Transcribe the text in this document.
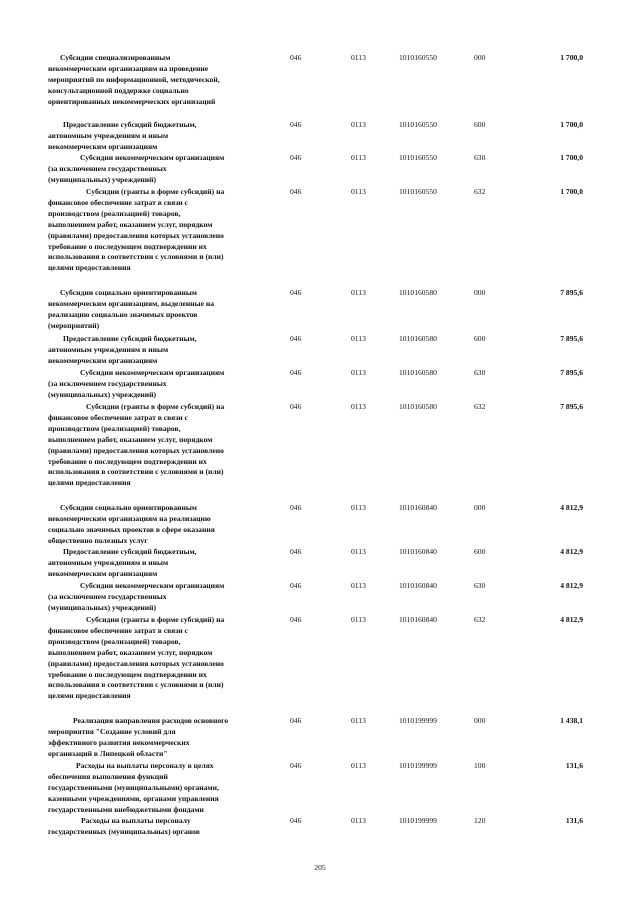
Субсидии специализированным
некоммерческим организациям на проведение
мероприятий по информационной, методической,
консультационной поддержке социально
ориентированных некоммерческих организаций
046	0113	1010160550	000	1 700,0
Предоставление субсидий бюджетным,
автономным учреждениям и иным
некоммерческим организациям
046	0113	1010160550	600	1 700,0
Субсидии некоммерческим организациям
(за исключением государственных
(муниципальных) учреждений)
046	0113	1010160550	630	1 700,0
Субсидии (гранты в форме субсидий) на
финансовое обеспечение затрат в связи с
производством (реализацией) товаров,
выполнением работ, оказанием услуг, порядком
(правилами) предоставления которых установлено
требование о последующем подтверждении их
использования в соответствии с условиями и (или)
целями предоставления
046	0113	1010160550	632	1 700,0
Субсидии социально ориентированным
некоммерческим организациям, выделенные на
реализацию социально значимых проектов
(мероприятий)
046	0113	1010160580	000	7 895,6
Предоставление субсидий бюджетным,
автономным учреждениям и иным
некоммерческим организациям
046	0113	1010160580	600	7 895,6
Субсидии некоммерческим организациям
(за исключением государственных
(муниципальных) учреждений)
046	0113	1010160580	630	7 895,6
Субсидии (гранты в форме субсидий) на
финансовое обеспечение затрат в связи с
производством (реализацией) товаров,
выполнением работ, оказанием услуг, порядком
(правилами) предоставления которых установлено
требование о последующем подтверждении их
использования в соответствии с условиями и (или)
целями предоставления
046	0113	1010160580	632	7 895,6
Субсидии социально ориентированным
некоммерческим организациям на реализацию
социально значимых проектов в сфере оказания
общественно полезных услуг
046	0113	1010160840	000	4 812,9
Предоставление субсидий бюджетным,
автономным учреждениям и иным
некоммерческим организациям
046	0113	1010160840	600	4 812,9
Субсидии некоммерческим организациям
(за исключением государственных
(муниципальных) учреждений)
046	0113	1010160840	630	4 812,9
Субсидии (гранты в форме субсидий) на
финансовое обеспечение затрат в связи с
производством (реализацией) товаров,
выполнением работ, оказанием услуг, порядком
(правилами) предоставления которых установлено
требование о последующем подтверждении их
использования в соответствии с условиями и (или)
целями предоставления
046	0113	1010160840	632	4 812,9
Реализация направления расходов основного
мероприятия "Создание условий для
эффективного развития некоммерческих
организаций в Липецкой области"
046	0113	1010199999	000	1 438,1
Расходы на выплаты персоналу в целях
обеспечения выполнения функций
государственными (муниципальными) органами,
казенными учреждениями, органами управления
государственными внебюджетными фондами
046	0113	1010199999	100	131,6
Расходы на выплаты персоналу
государственных (муниципальных) органов
046	0113	1010199999	120	131,6
205
